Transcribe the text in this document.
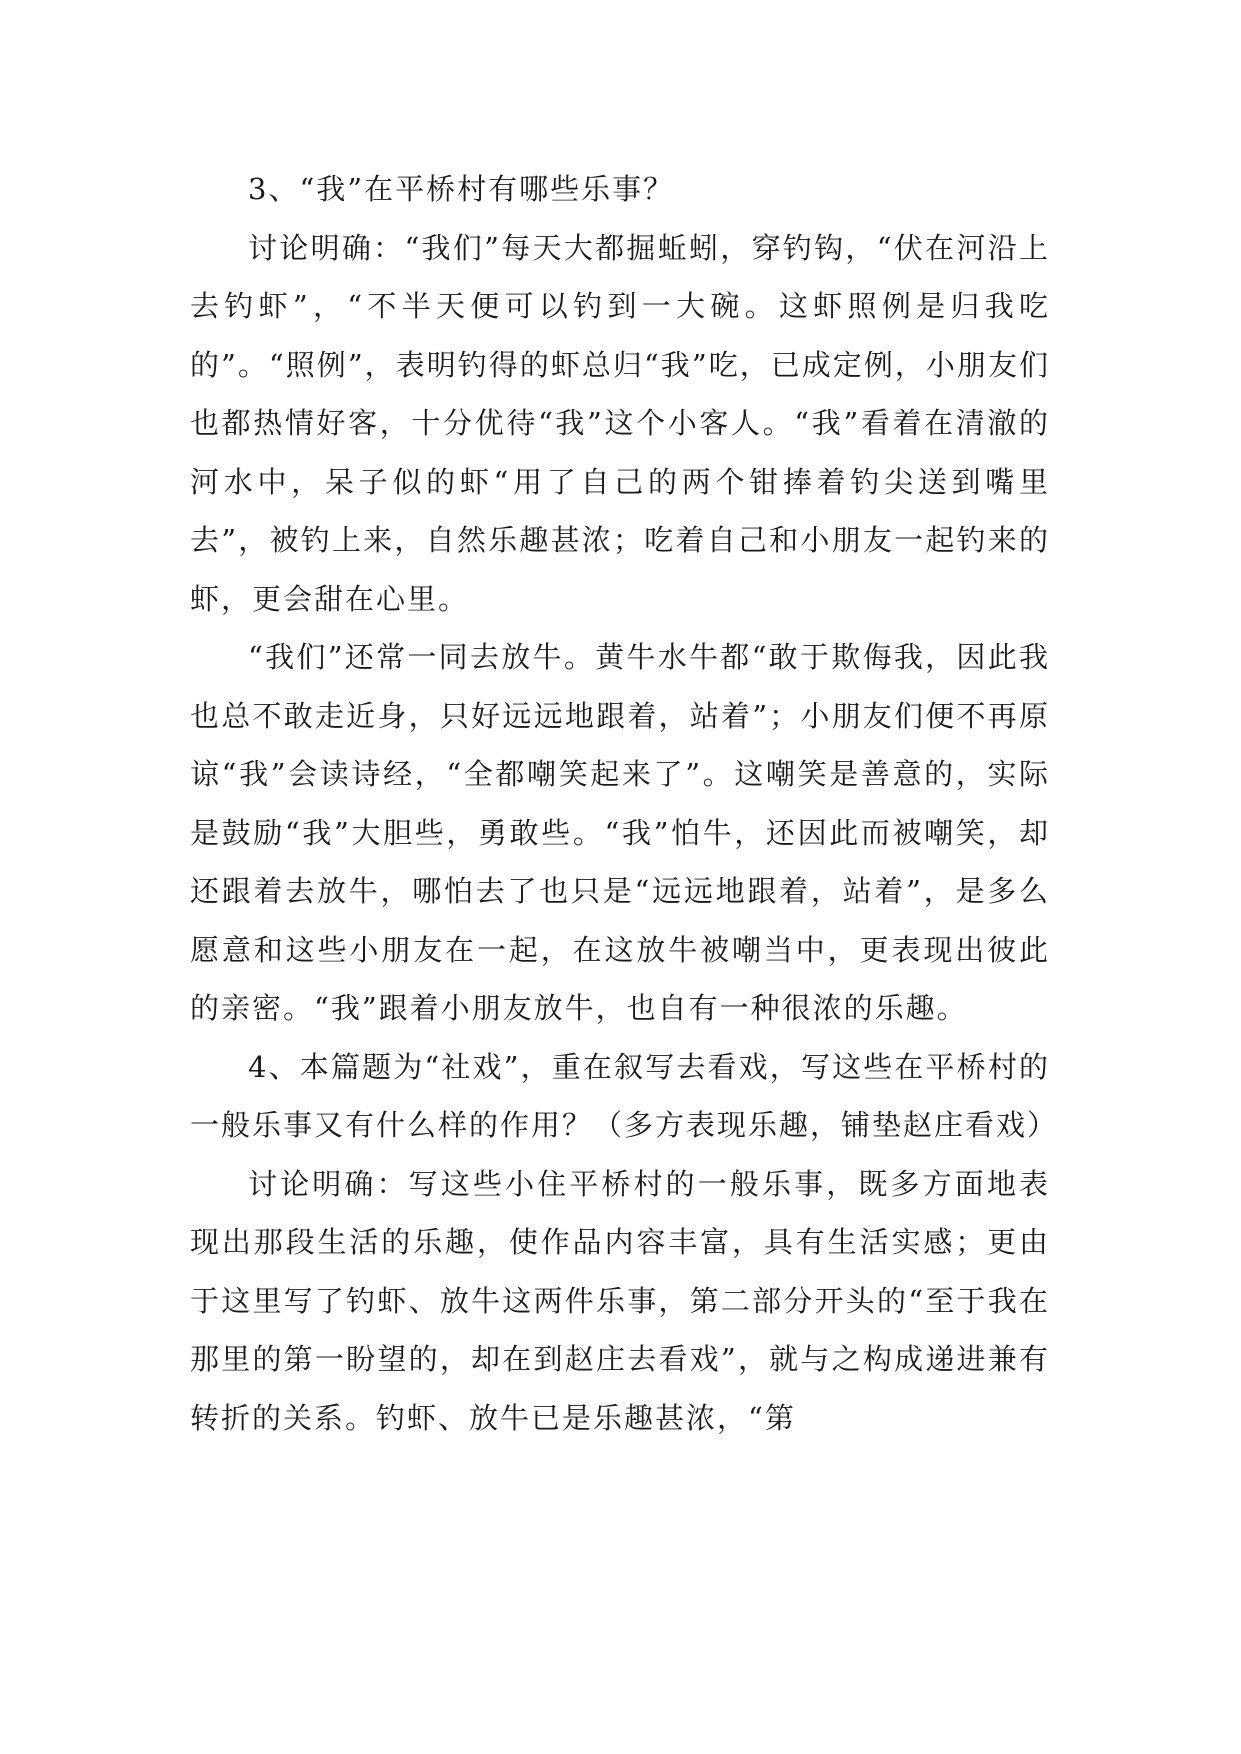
3、“我”在平桥村有哪些乐事？

讨论明确：“我们”每天大都掘蚯蚓，穿钓钩，“伏在河沿上去钓虾”，“不半天便可以钓到一大碗。这虾照例是归我吃的”。“照例”，表明钓得的虾总归“我”吃，已成定例，小朋友们也都热情好客，十分优待“我”这个小客人。“我”看着在清澈的河水中，呆子似的虾“用了自己的两个钳捧着钓尖送到嘴里去”，被钓上来，自然乐趣甚浓；吃着自己和小朋友一起钓来的虾，更会甜在心里。

“我们”还常一同去放牛。黄牛水牛都“敢于欺侮我，因此我也总不敢走近身，只好远远地跟着，站着”；小朋友们便不再原谅“我”会读诗经，“全都嘲笑起来了”。这嘲笑是善意的，实际是鼓励“我”大胆些，勇敢些。“我”怕牛，还因此而被嘲笑，却还跟着去放牛，哪怕去了也只是“远远地跟着，站着”，是多么愿意和这些小朋友在一起，在这放牛被嘲当中，更表现出彼此的亲密。“我”跟着小朋友放牛，也自有一种很浓的乐趣。

4、本篇题为“社戏”，重在叙写去看戏，写这些在平桥村的一般乐事又有什么样的作用？（多方表现乐趣，铺垫赵庄看戏）

讨论明确：写这些小住平桥村的一般乐事，既多方面地表现出那段生活的乐趣，使作品内容丰富，具有生活实感；更由于这里写了钓虾、放牛这两件乐事，第二部分开头的“至于我在那里的第一盼望的，却在到赵庄去看戏”，就与之构成递进兼有转折的关系。钓虾、放牛已是乐趣甚浓，“第
